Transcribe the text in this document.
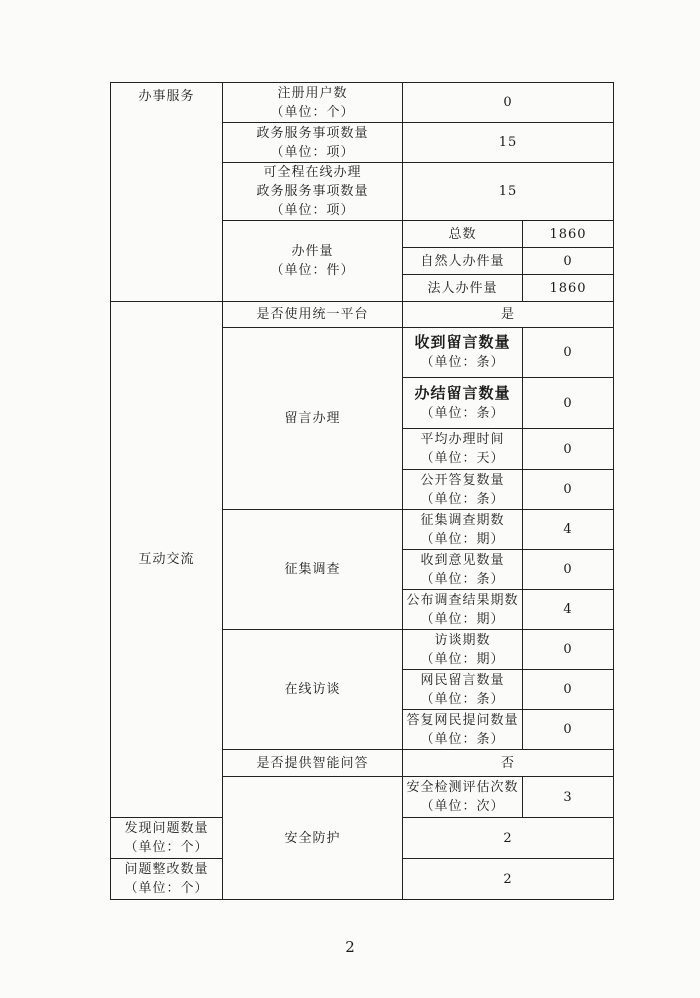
办事服务	注册用户数
（单位：个）	0	
	政务服务事项数量
（单位：项）	15	
	可全程在线办理
政务服务事项数量
（单位：项）	15	
	办件量
（单位：件）	总数	1860
		自然人办件量	0
		法人办件量	1860
互动交流	是否使用统一平台	是	
	留言办理	收到留言数量
（单位：条）	0
		办结留言数量
（单位：条）	0
		平均办理时间
（单位：天）	0
		公开答复数量
（单位：条）	0
	征集调查	征集调查期数
（单位：期）	4
		收到意见数量
（单位：条）	0
		公布调查结果期数
（单位：期）	4
	在线访谈	访谈期数
（单位：期）	0
		网民留言数量
（单位：条）	0
		答复网民提问数量
（单位：条）	0
	是否提供智能问答	否	
	安全防护	安全检测评估次数
（单位：次）	3
发现问题数量
（单位：个）		2	
问题整改数量
（单位：个）		2	
2
